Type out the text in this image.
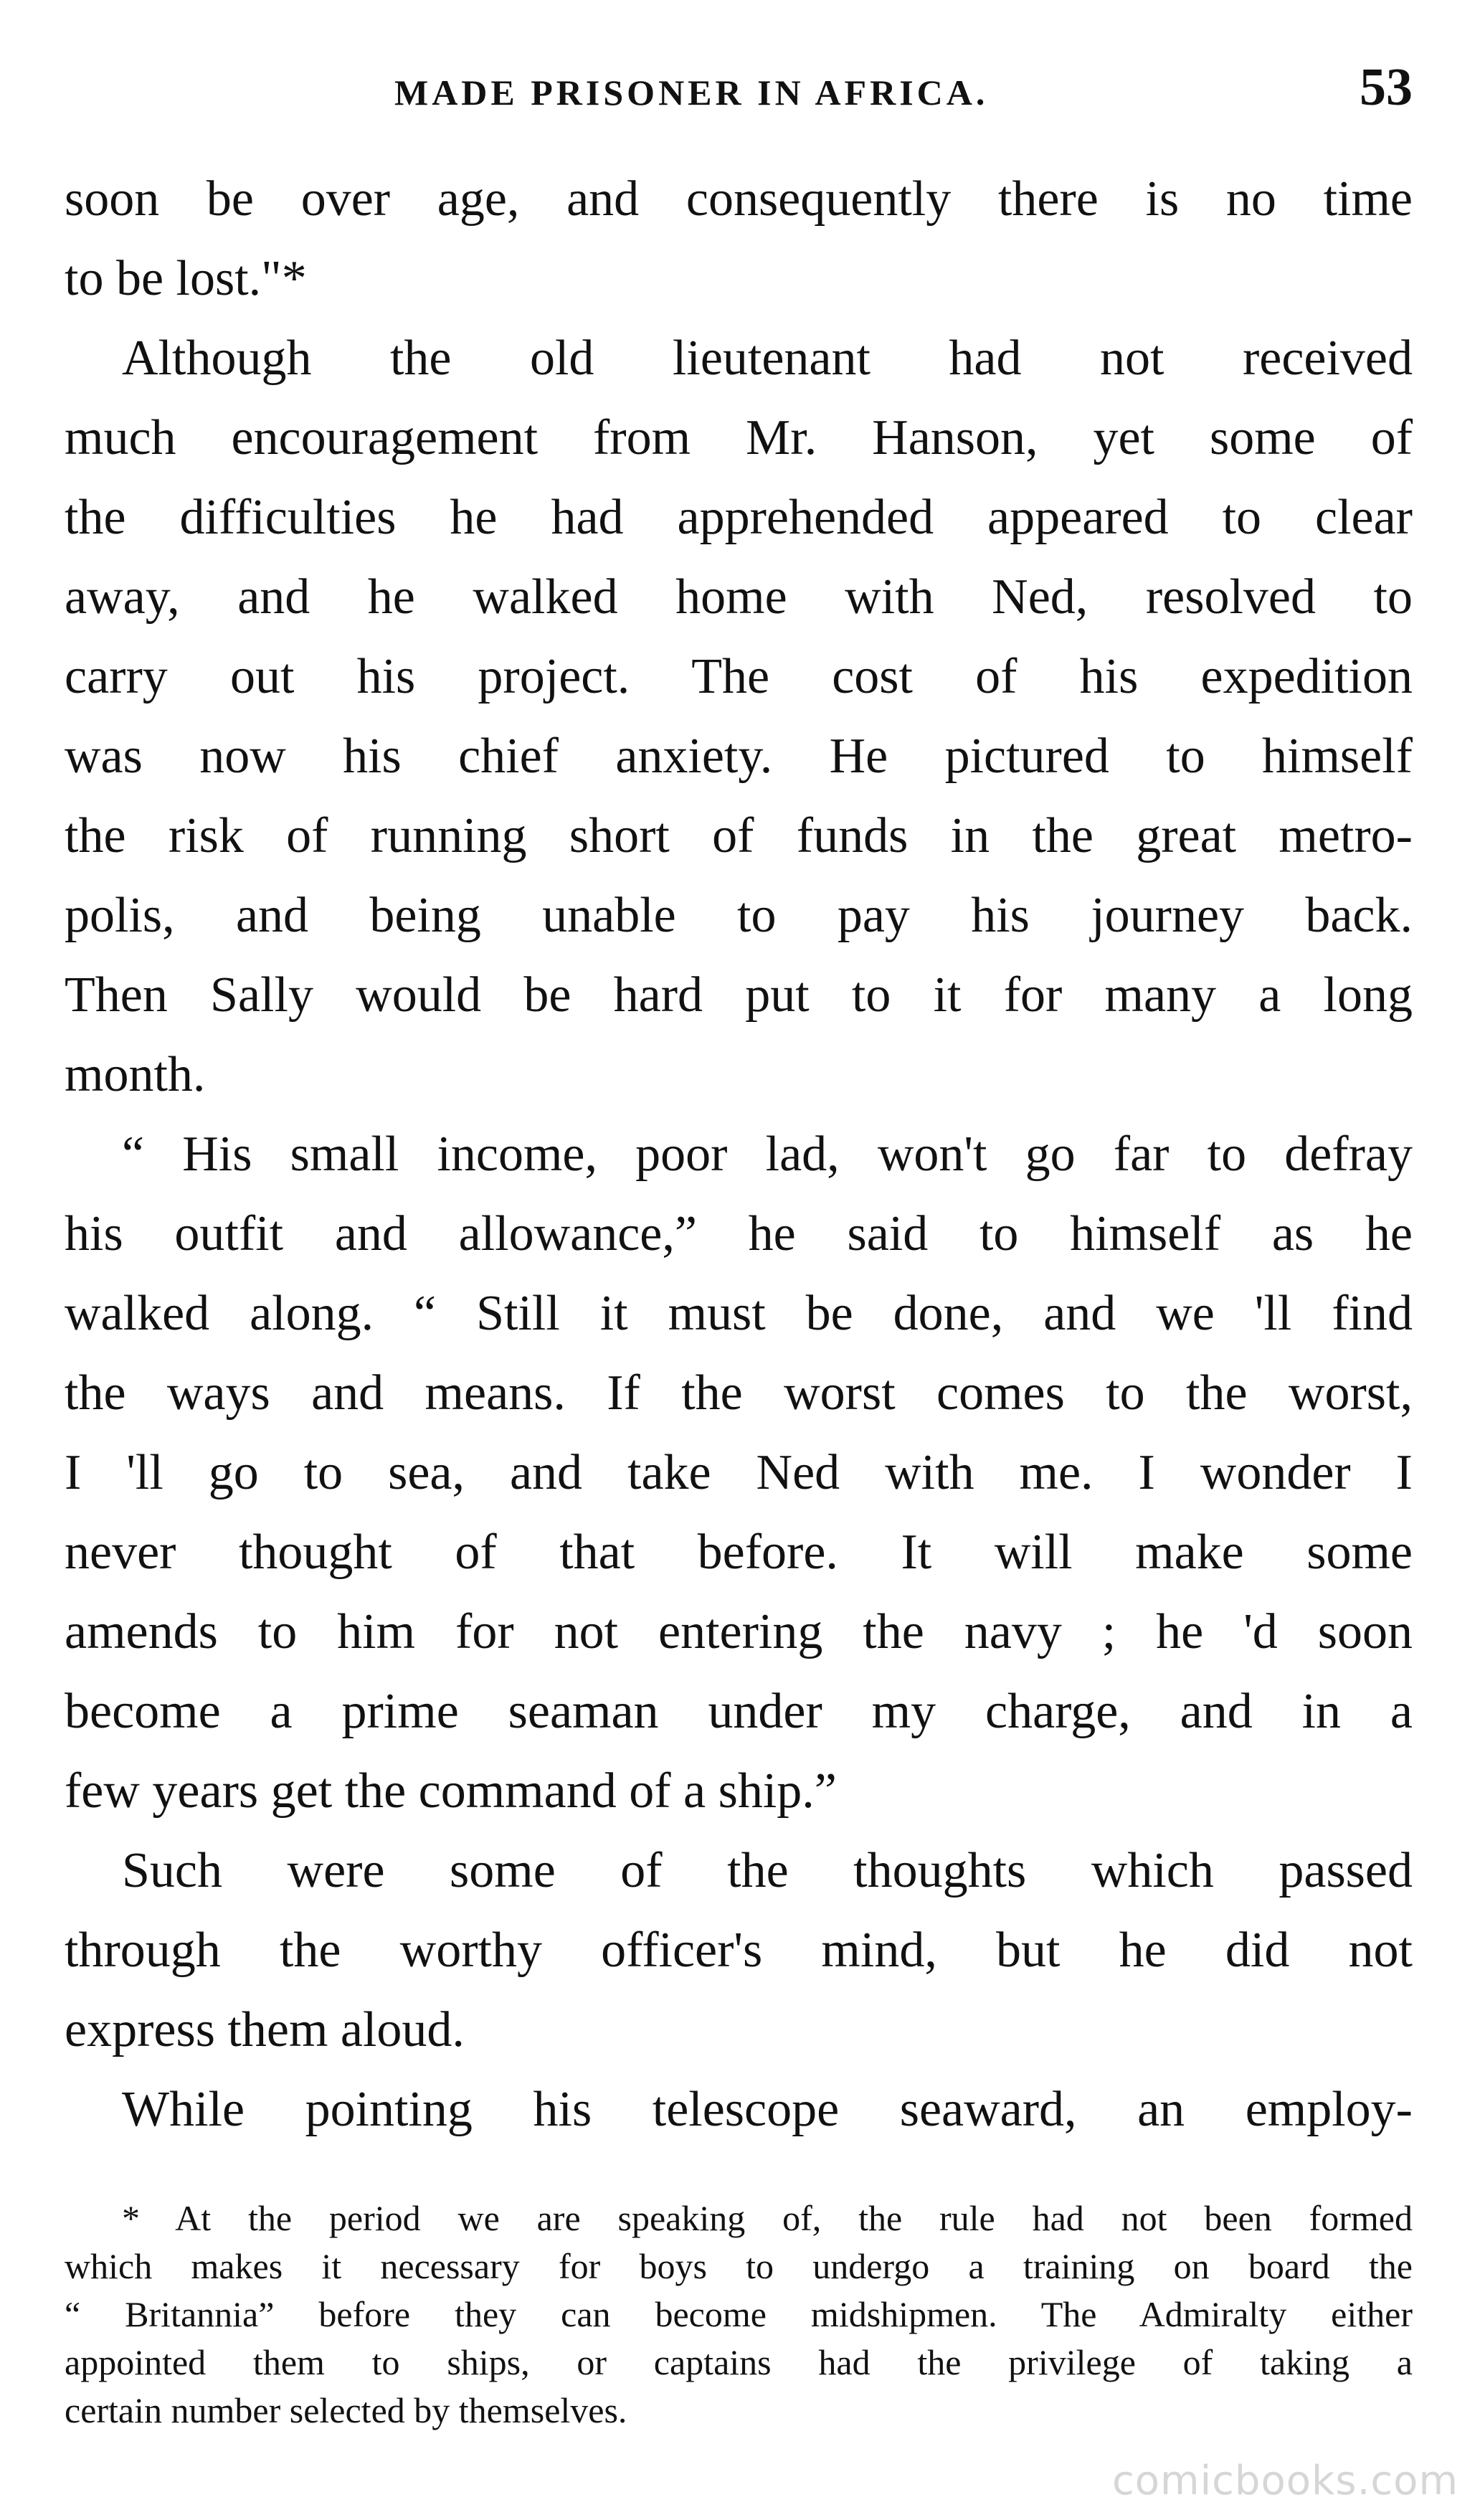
MADE PRISONER IN AFRICA.	53
soon be over age, and consequently there is no time
to be lost."*
Although the old lieutenant had not received
much encouragement from Mr. Hanson, yet some of
the difficulties he had apprehended appeared to clear
away, and he walked home with Ned, resolved to
carry out his project. The cost of his expedition
was now his chief anxiety. He pictured to himself
the risk of running short of funds in the great metro-
polis, and being unable to pay his journey back.
Then Sally would be hard put to it for many a long
month.
“ His small income, poor lad, won't go far to defray
his outfit and allowance,” he said to himself as he
walked along. “ Still it must be done, and we 'll find
the ways and means. If the worst comes to the worst,
I 'll go to sea, and take Ned with me. I wonder I
never thought of that before. It will make some
amends to him for not entering the navy ; he 'd soon
become a prime seaman under my charge, and in a
few years get the command of a ship.”
Such were some of the thoughts which passed
through the worthy officer's mind, but he did not
express them aloud.
While pointing his telescope seaward, an employ-
* At the period we are speaking of, the rule had not been formed
which makes it necessary for boys to undergo a training on board the
“ Britannia” before they can become midshipmen. The Admiralty either
appointed them to ships, or captains had the privilege of taking a
certain number selected by themselves.
comicbooks.com
